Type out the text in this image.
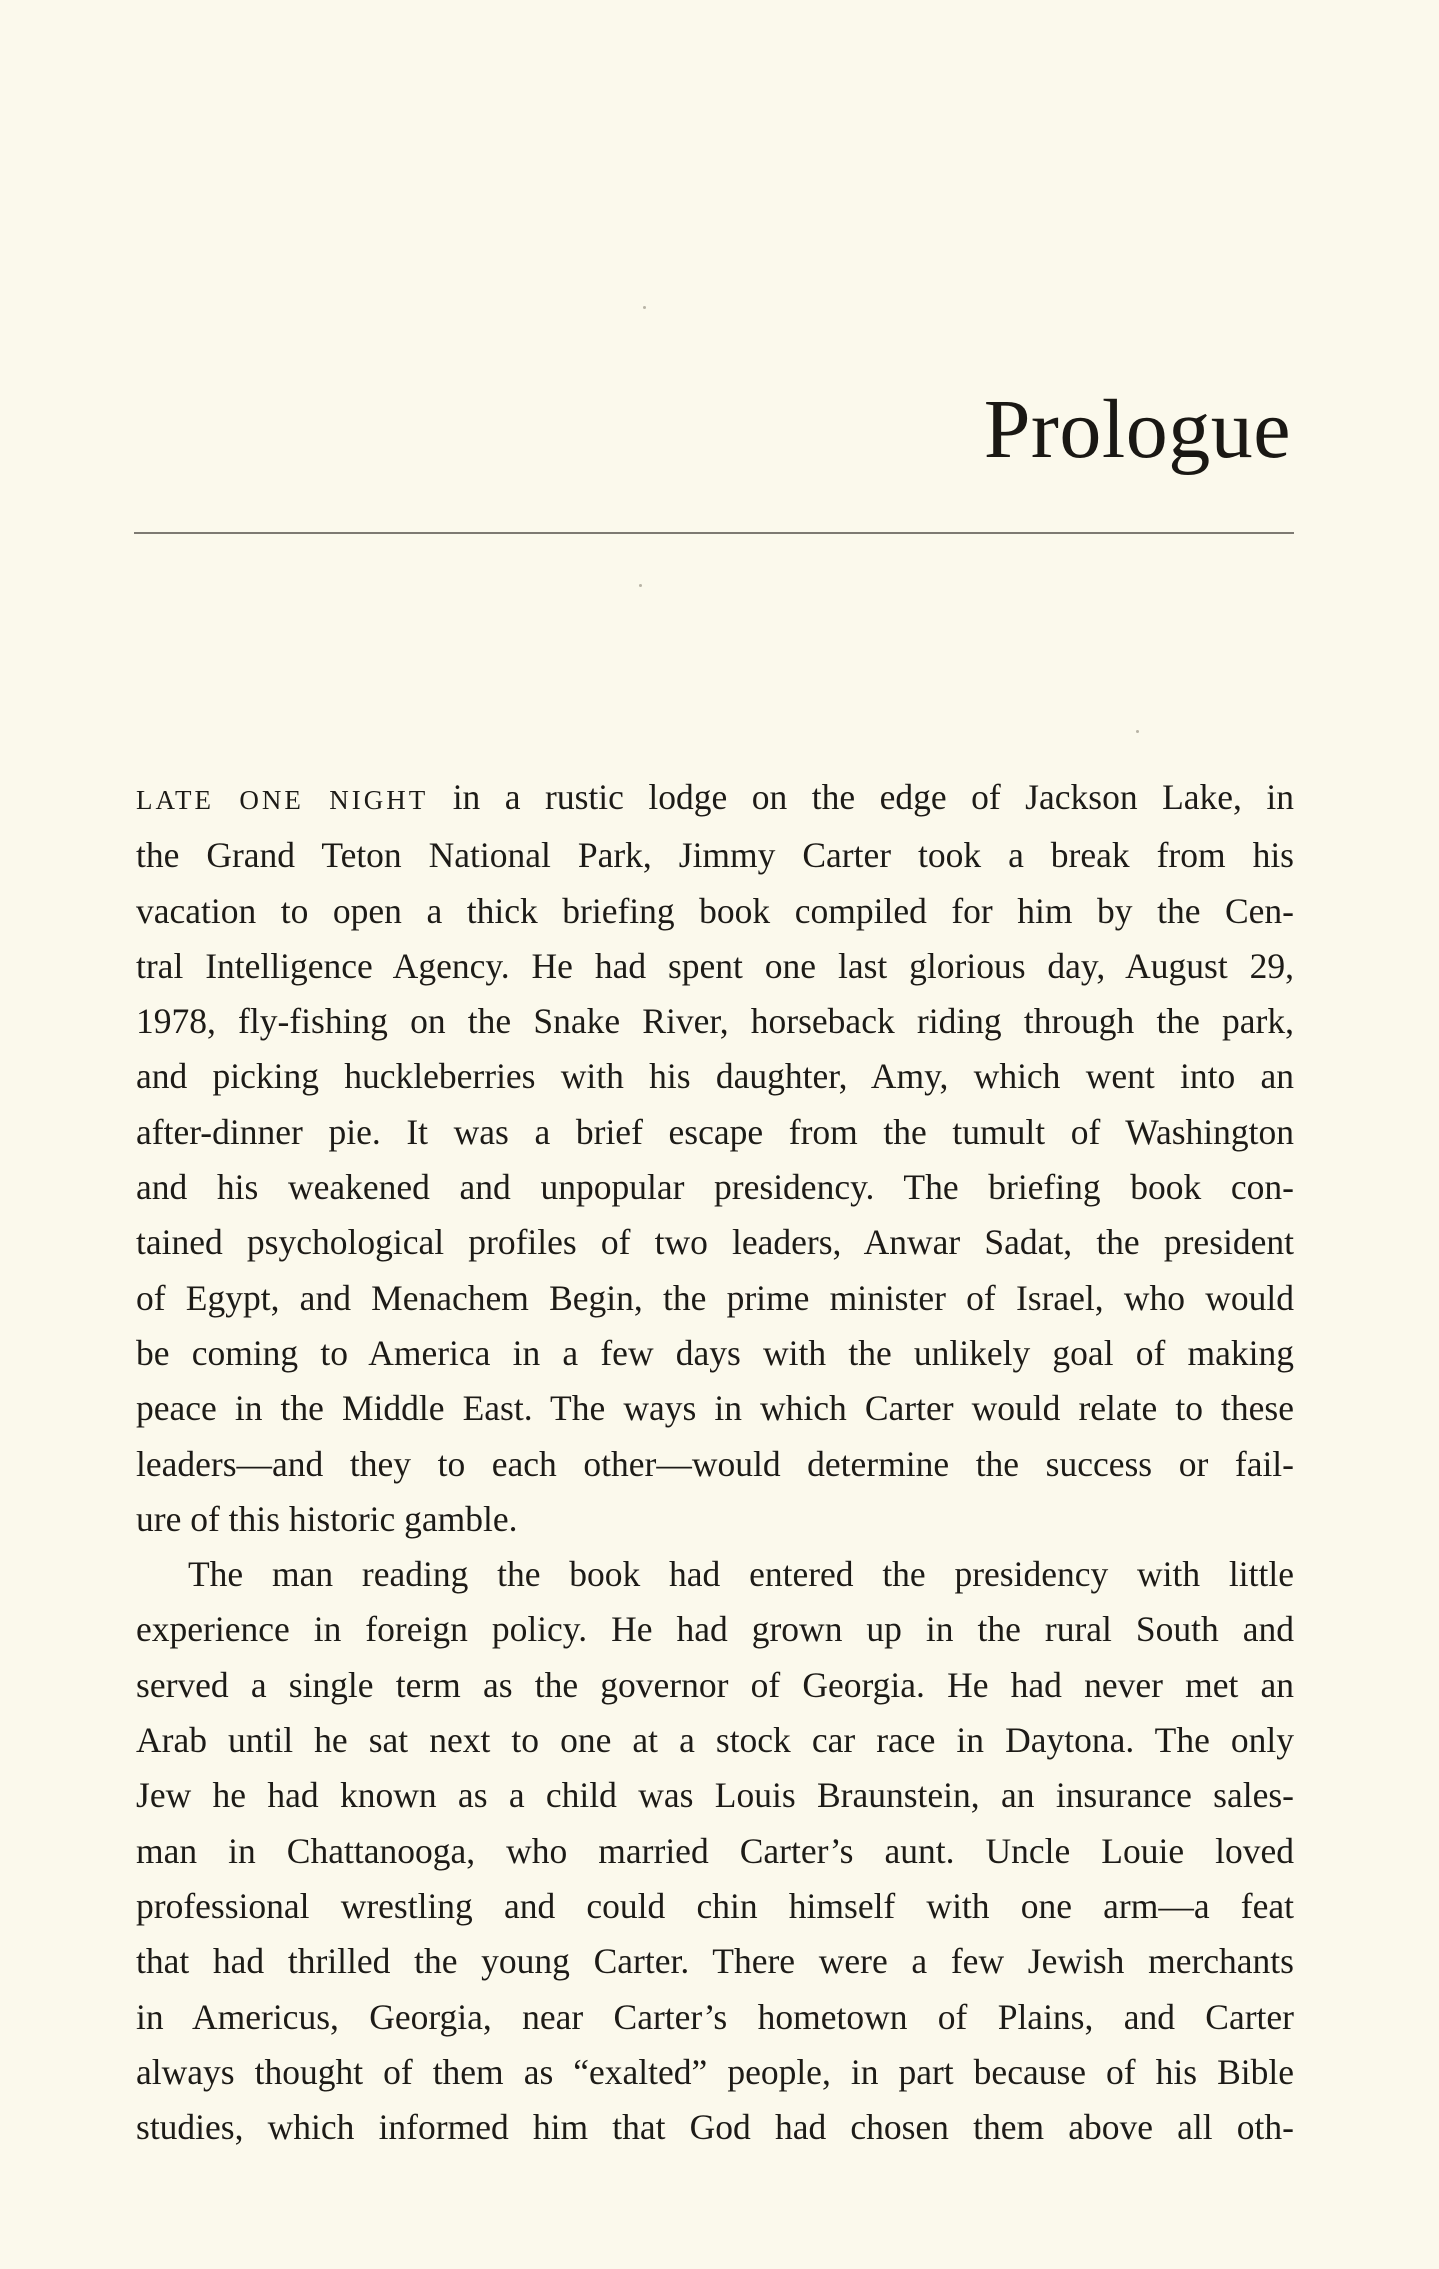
Prologue

LATE ONE NIGHT in a rustic lodge on the edge of Jackson Lake, in
the Grand Teton National Park, Jimmy Carter took a break from his
vacation to open a thick briefing book compiled for him by the Cen-
tral Intelligence Agency. He had spent one last glorious day, August 29,
1978, fly-fishing on the Snake River, horseback riding through the park,
and picking huckleberries with his daughter, Amy, which went into an
after-dinner pie. It was a brief escape from the tumult of Washington
and his weakened and unpopular presidency. The briefing book con-
tained psychological profiles of two leaders, Anwar Sadat, the president
of Egypt, and Menachem Begin, the prime minister of Israel, who would
be coming to America in a few days with the unlikely goal of making
peace in the Middle East. The ways in which Carter would relate to these
leaders—and they to each other—would determine the success or fail-
ure of this historic gamble.

The man reading the book had entered the presidency with little
experience in foreign policy. He had grown up in the rural South and
served a single term as the governor of Georgia. He had never met an
Arab until he sat next to one at a stock car race in Daytona. The only
Jew he had known as a child was Louis Braunstein, an insurance sales-
man in Chattanooga, who married Carter’s aunt. Uncle Louie loved
professional wrestling and could chin himself with one arm—a feat
that had thrilled the young Carter. There were a few Jewish merchants
in Americus, Georgia, near Carter’s hometown of Plains, and Carter
always thought of them as “exalted” people, in part because of his Bible
studies, which informed him that God had chosen them above all oth-
